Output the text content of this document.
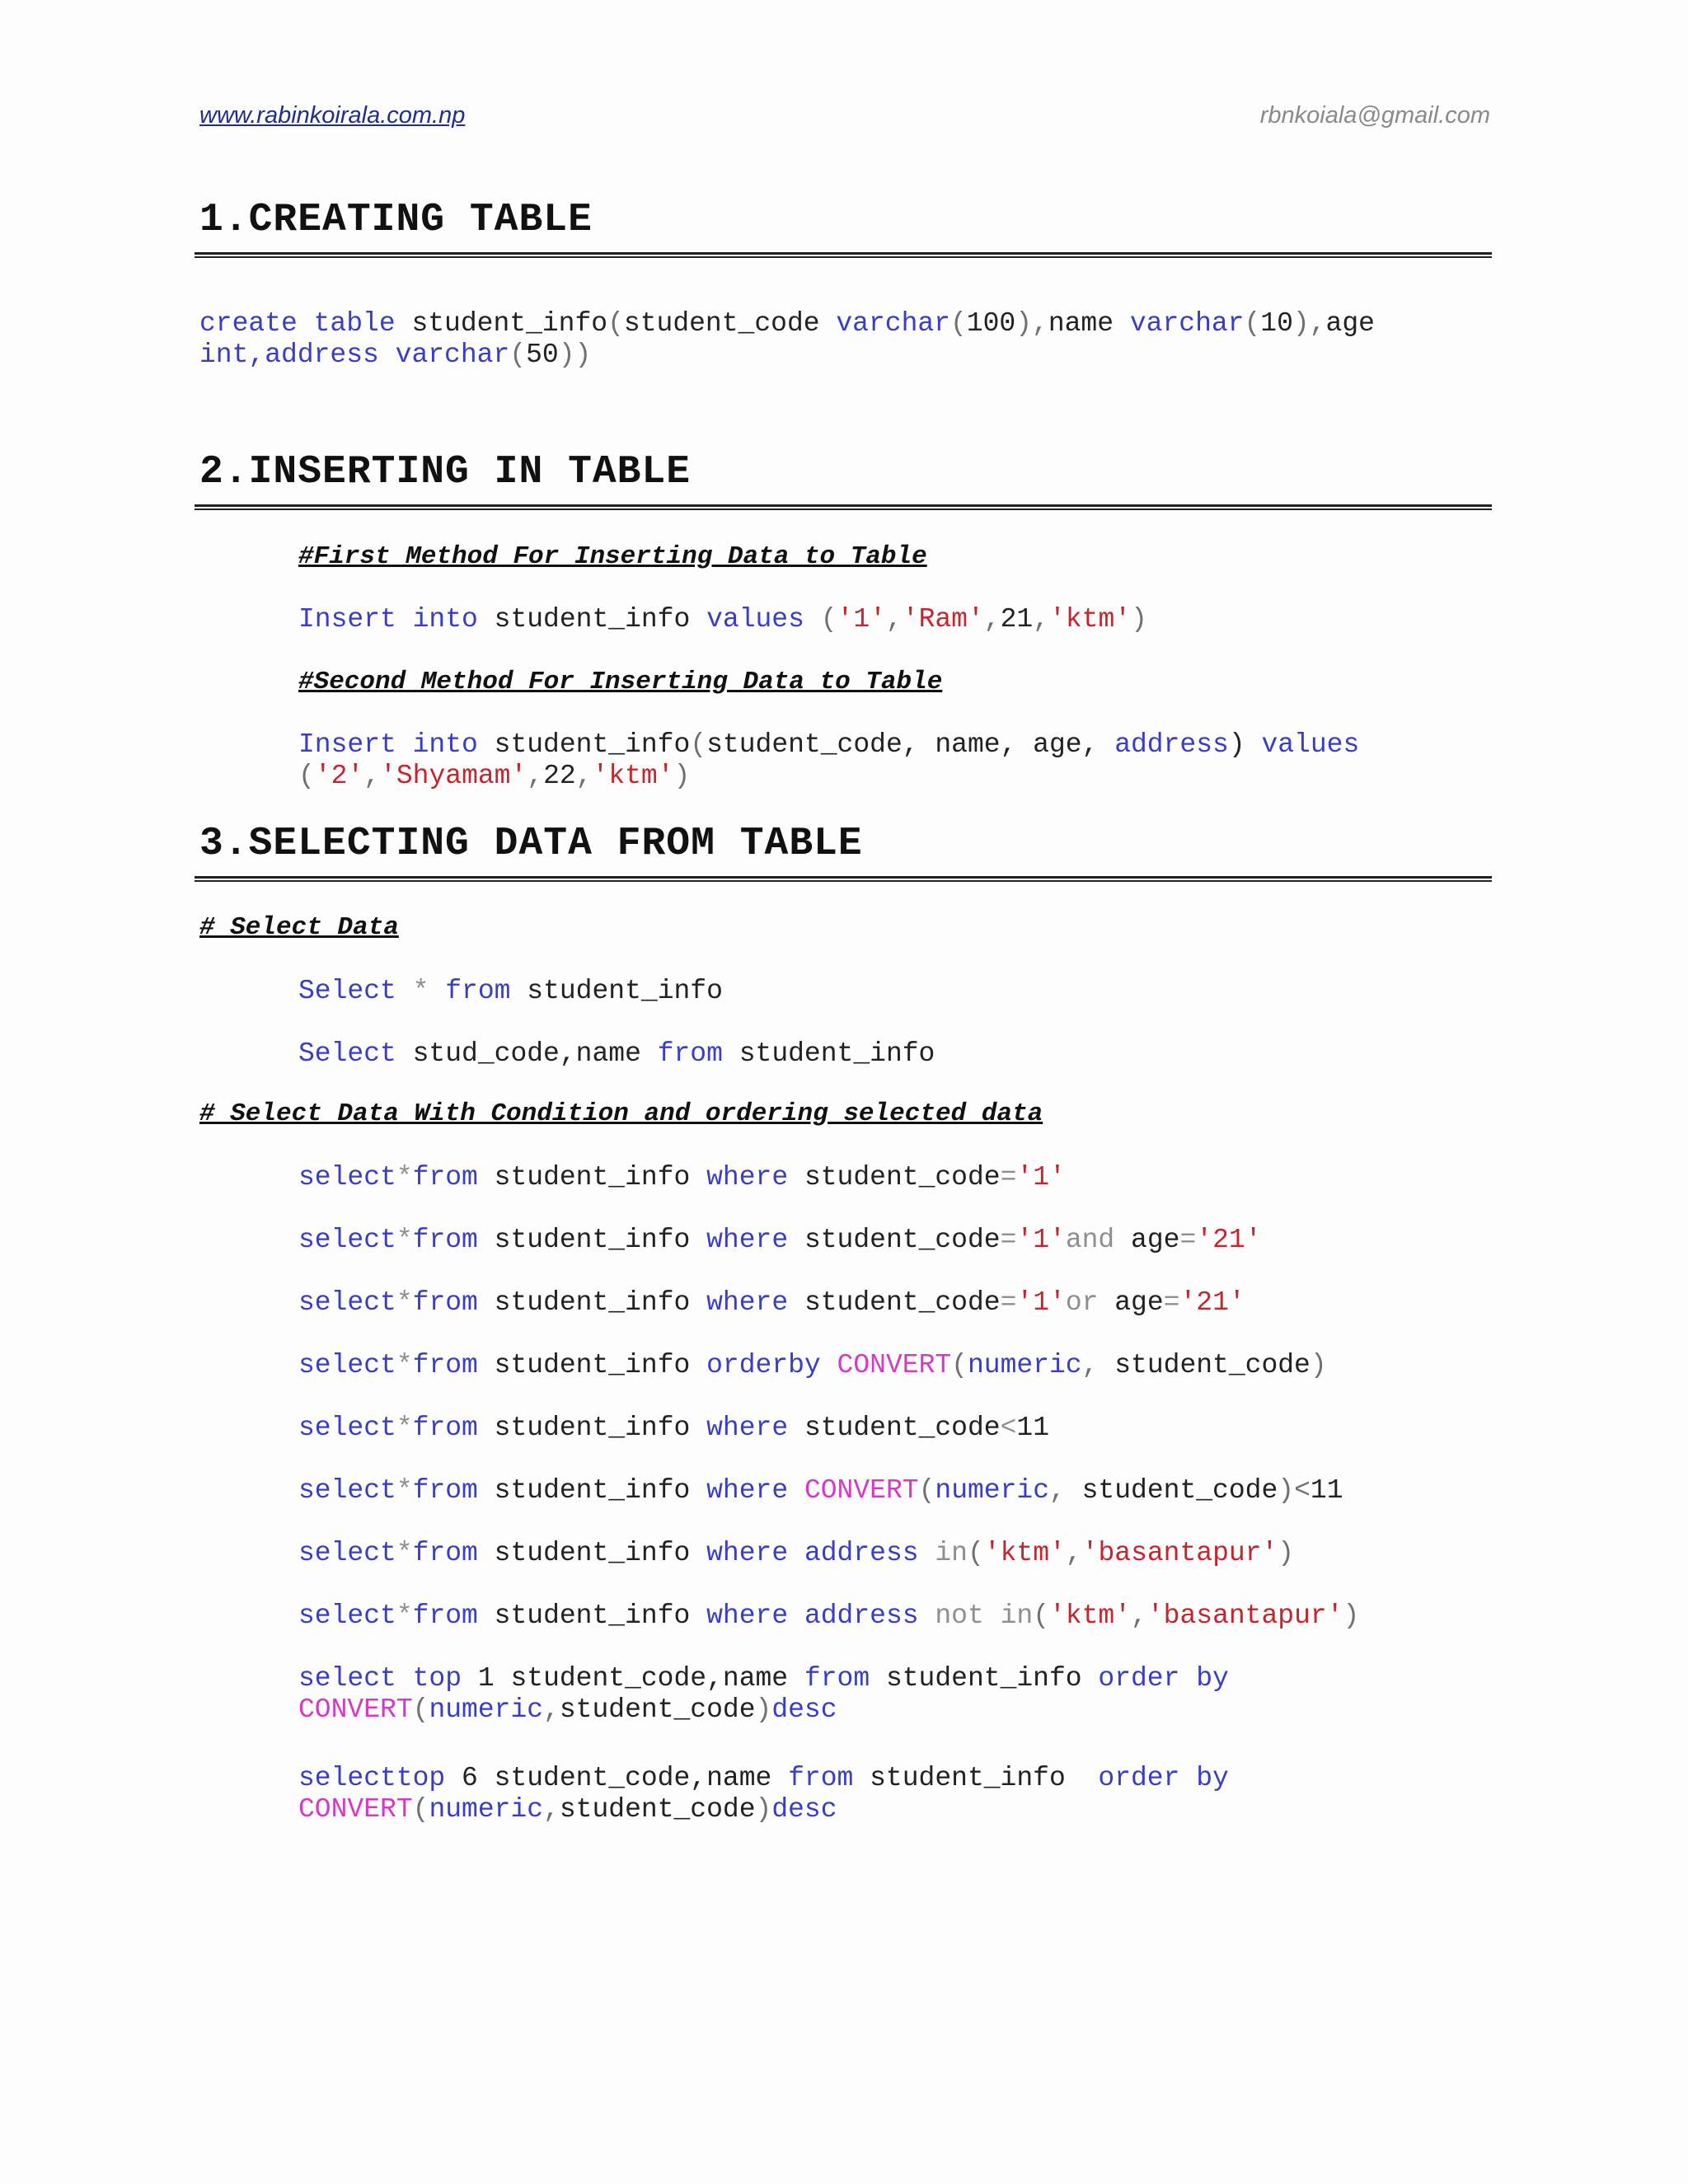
www.rabinkoirala.com.np	rbnkoiala@gmail.com
1.CREATING TABLE
create table student_info(student_code varchar(100),name varchar(10),age
int,address varchar(50))
2.INSERTING IN TABLE
#First Method For Inserting Data to Table
Insert into student_info values ('1','Ram',21,'ktm')
#Second Method For Inserting Data to Table
Insert into student_info(student_code, name, age, address) values
('2','Shyamam',22,'ktm')
3.SELECTING DATA FROM TABLE
# Select Data
Select * from student_info
Select stud_code,name from student_info
# Select Data With Condition and ordering selected data
select*from student_info where student_code='1'
select*from student_info where student_code='1'and age='21'
select*from student_info where student_code='1'or age='21'
select*from student_info orderby CONVERT(numeric, student_code)
select*from student_info where student_code<11
select*from student_info where CONVERT(numeric, student_code)<11
select*from student_info where address in('ktm','basantapur')
select*from student_info where address not in('ktm','basantapur')
select top 1 student_code,name from student_info order by
CONVERT(numeric,student_code)desc
selecttop 6 student_code,name from student_info  order by
CONVERT(numeric,student_code)desc
